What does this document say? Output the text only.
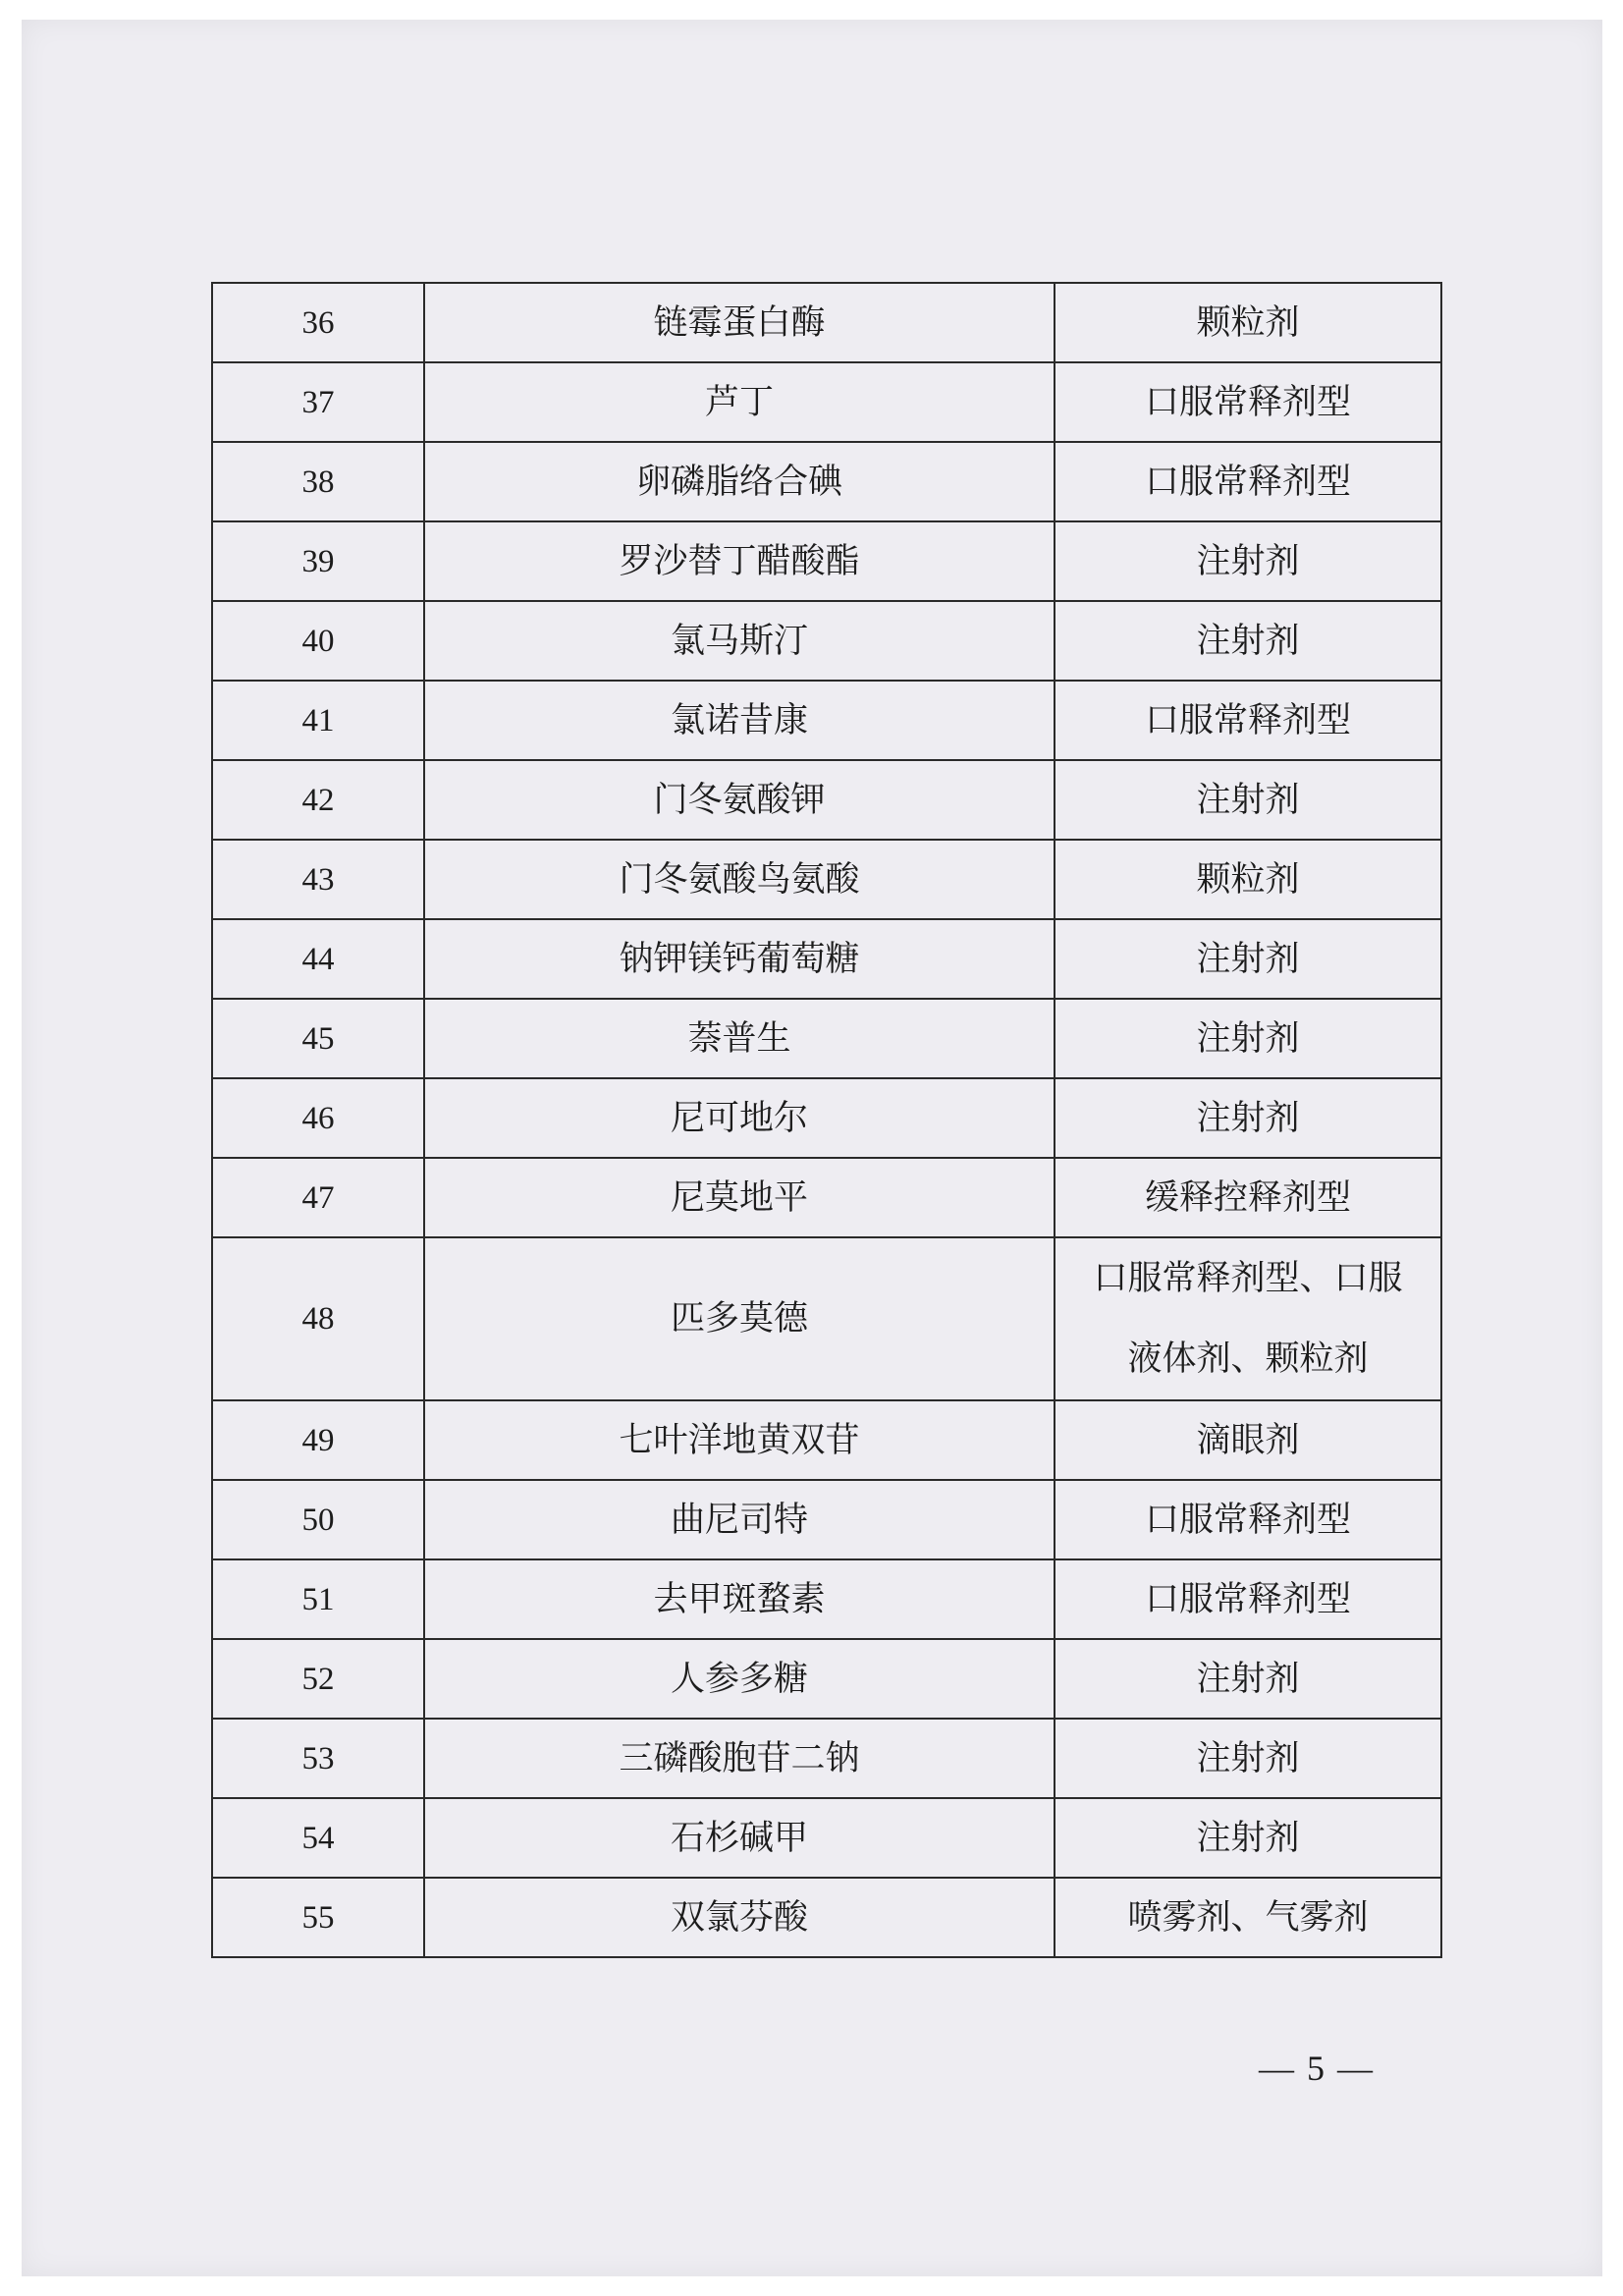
36	链霉蛋白酶	颗粒剂
37	芦丁	口服常释剂型
38	卵磷脂络合碘	口服常释剂型
39	罗沙替丁醋酸酯	注射剂
40	氯马斯汀	注射剂
41	氯诺昔康	口服常释剂型
42	门冬氨酸钾	注射剂
43	门冬氨酸鸟氨酸	颗粒剂
44	钠钾镁钙葡萄糖	注射剂
45	萘普生	注射剂
46	尼可地尔	注射剂
47	尼莫地平	缓释控释剂型
48	匹多莫德	口服常释剂型、口服
液体剂、颗粒剂

49	七叶洋地黄双苷	滴眼剂
50	曲尼司特	口服常释剂型
51	去甲斑蝥素	口服常释剂型
52	人参多糖	注射剂
53	三磷酸胞苷二钠	注射剂
54	石杉碱甲	注射剂
55	双氯芬酸	喷雾剂、气雾剂
— 5 —
